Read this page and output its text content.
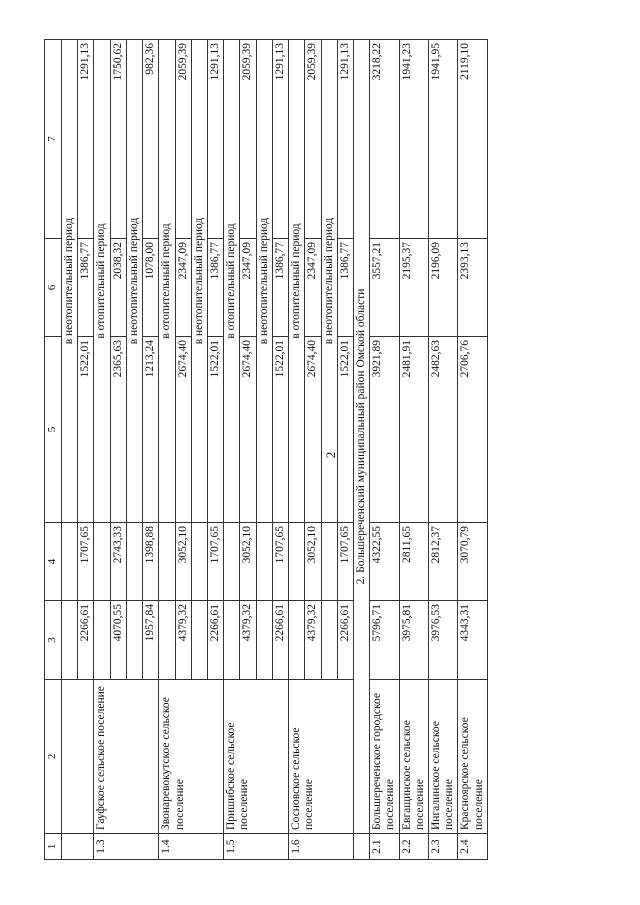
2
1	2	3	4	5	6	7
				в неотопительный период		
		2266,61	1707,65	1522,01	1386,77	1291,13
1.3	Гауфское сельское поселение			в отопительный период		
		4070,55	2743,33	2365,63	2038,32	1750,62
				в неотопительный период		
		1957,84	1398,88	1213,24	1078,00	982,36
1.4	Звонаревокутское сельское поселение			в отопительный период		
		4379,32	3052,10	2674,40	2347,09	2059,39
				в неотопительный период		
		2266,61	1707,65	1522,01	1386,77	1291,13
1.5	Пришибское сельское поселение			в отопительный период		
		4379,32	3052,10	2674,40	2347,09	2059,39
				в неотопительный период		
		2266,61	1707,65	1522,01	1386,77	1291,13
1.6	Сосновское сельское поселение			в отопительный период		
		4379,32	3052,10	2674,40	2347,09	2059,39
				в неотопительный период		
		2266,61	1707,65	1522,01	1386,77	1291,13
	2. Большереченский муниципальный район Омской области					
2.1	Большереченское городское поселение	5796,71	4322,55	3921,89	3557,21	3218,22
2.2	Евгащинское сельское поселение	3975,81	2811,65	2481,91	2195,37	1941,23
2.3	Ингалинское сельское поселение	3976,53	2812,37	2482,63	2196,09	1941,95
2.4	Красноярское сельское поселение	4343,31	3070,79	2706,76	2393,13	2119,10
